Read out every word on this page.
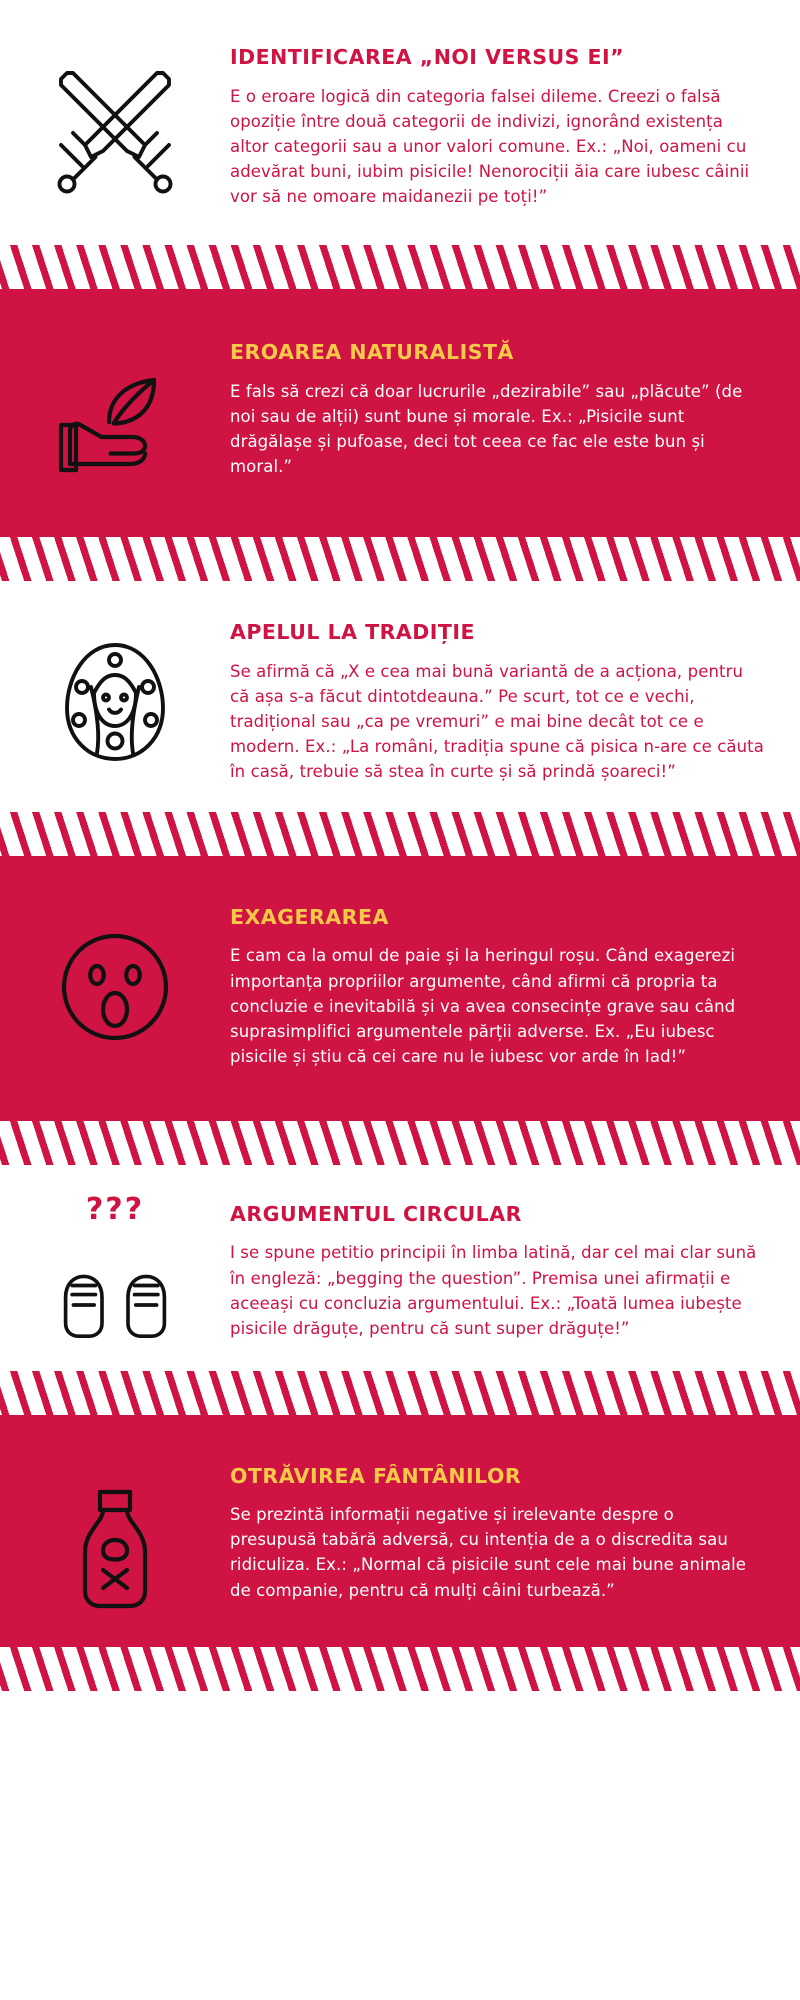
IDENTIFICAREA „NOI VERSUS EI”

E o eroare logică din categoria falsei dileme. Creezi o falsă opoziție între două categorii de indivizi, ignorând existența altor categorii sau a unor valori comune. Ex.: „Noi, oameni cu adevărat buni, iubim pisicile! Nenorociții ăia care iubesc câinii vor să ne omoare maidanezii pe toți!”

EROAREA NATURALISTĂ

E fals să crezi că doar lucrurile „dezirabile” sau „plăcute” (de noi sau de alții) sunt bune și morale. Ex.: „Pisicile sunt drăgălașe și pufoase, deci tot ceea ce fac ele este bun și moral.”

APELUL LA TRADIȚIE

Se afirmă că „X e cea mai bună variantă de a acționa, pentru că așa s-a făcut dintotdeauna.” Pe scurt, tot ce e vechi, tradițional sau „ca pe vremuri” e mai bine decât tot ce e modern. Ex.: „La români, tradiția spune că pisica n-are ce căuta în casă, trebuie să stea în curte și să prindă șoareci!”

EXAGERAREA

E cam ca la omul de paie și la heringul roșu. Când exagerezi importanța propriilor argumente, când afirmi că propria ta concluzie e inevitabilă și va avea consecințe grave sau când suprasimplifici argumentele părții adverse. Ex. „Eu iubesc pisicile și știu că cei care nu le iubesc vor arde în Iad!”

???	ARGUMENTUL CIRCULAR

I se spune petitio principii în limba latină, dar cel mai clar sună în engleză: „begging the question”. Premisa unei afirmații e aceeași cu concluzia argumentului. Ex.: „Toată lumea iubește pisicile drăguțe, pentru că sunt super drăguțe!”

OTRĂVIREA FÂNTÂNILOR

Se prezintă informații negative și irelevante despre o presupusă tabără adversă, cu intenția de a o discredita sau ridiculiza. Ex.: „Normal că pisicile sunt cele mai bune animale de companie, pentru că mulți câini turbează.”
